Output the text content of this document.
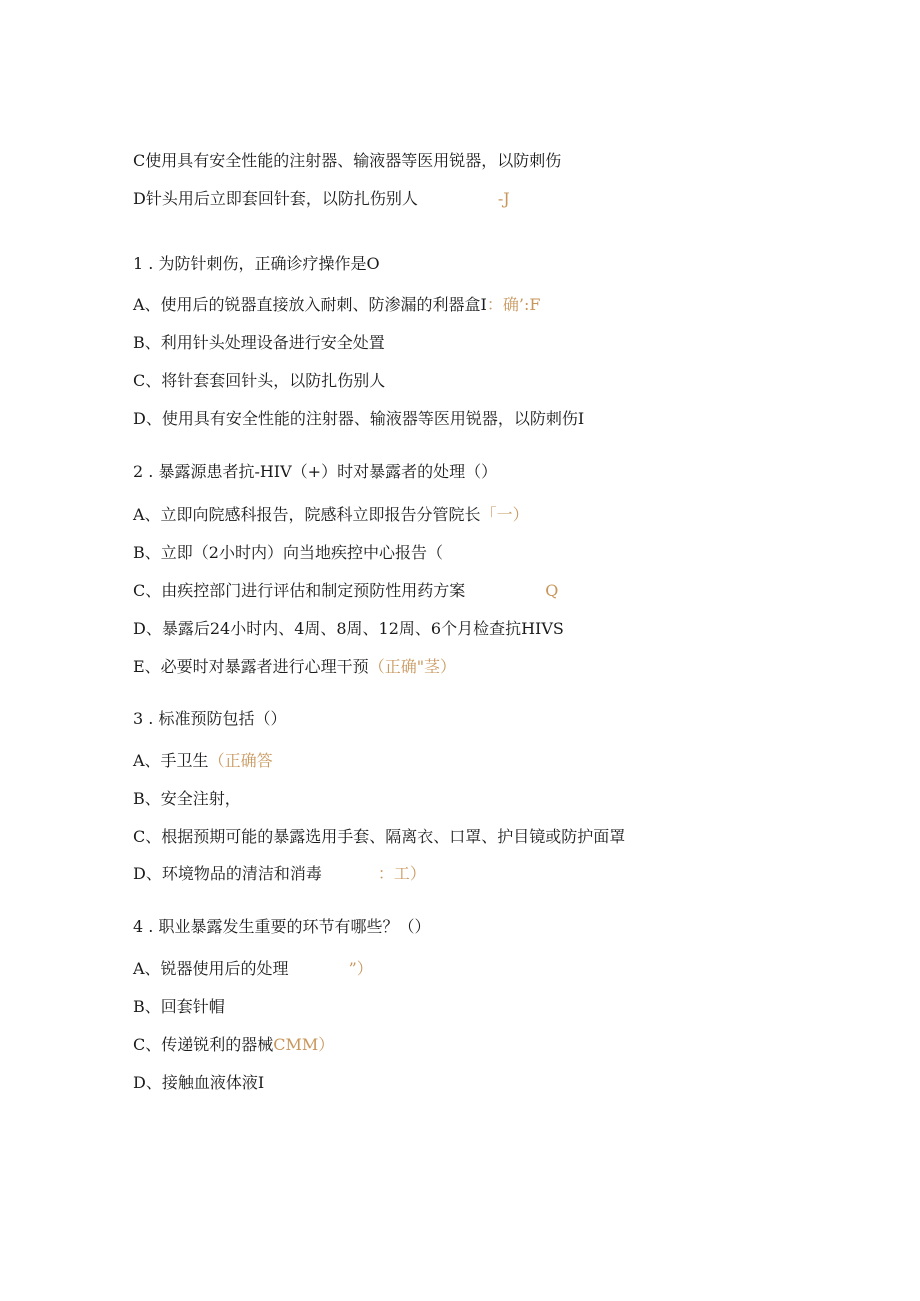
C使用具有安全性能的注射器、输液器等医用锐器，以防刺伤
D针头用后立即套回针套，以防扎伤别人	-J
1 . 为防针刺伤，正确诊疗操作是O
A、使用后的锐器直接放入耐刺、防渗漏的利器盒I：确’:F
B、利用针头处理设备进行安全处置
C、将针套套回针头，以防扎伤别人
D、使用具有安全性能的注射器、输液器等医用锐器，以防刺伤I
2 . 暴露源患者抗-HIV（+）时对暴露者的处理（）
A、立即向院感科报告，院感科立即报告分管院长「一）
B、立即（2小时内）向当地疾控中心报告（
C、由疾控部门进行评估和制定预防性用药方案	Q
D、暴露后24小时内、4周、8周、12周、6个月检查抗HIVS
E、必要时对暴露者进行心理干预（正确"茎）
3 . 标准预防包括（）
A、手卫生（正确答
B、安全注射，
C、根据预期可能的暴露选用手套、隔离衣、口罩、护目镜或防护面罩
D、环境物品的清洁和消毒	：工）
4 . 职业暴露发生重要的环节有哪些？（）
A、锐器使用后的处理	”）
B、回套针帽
C、传递锐利的器械CMM）
D、接触血液体液I
